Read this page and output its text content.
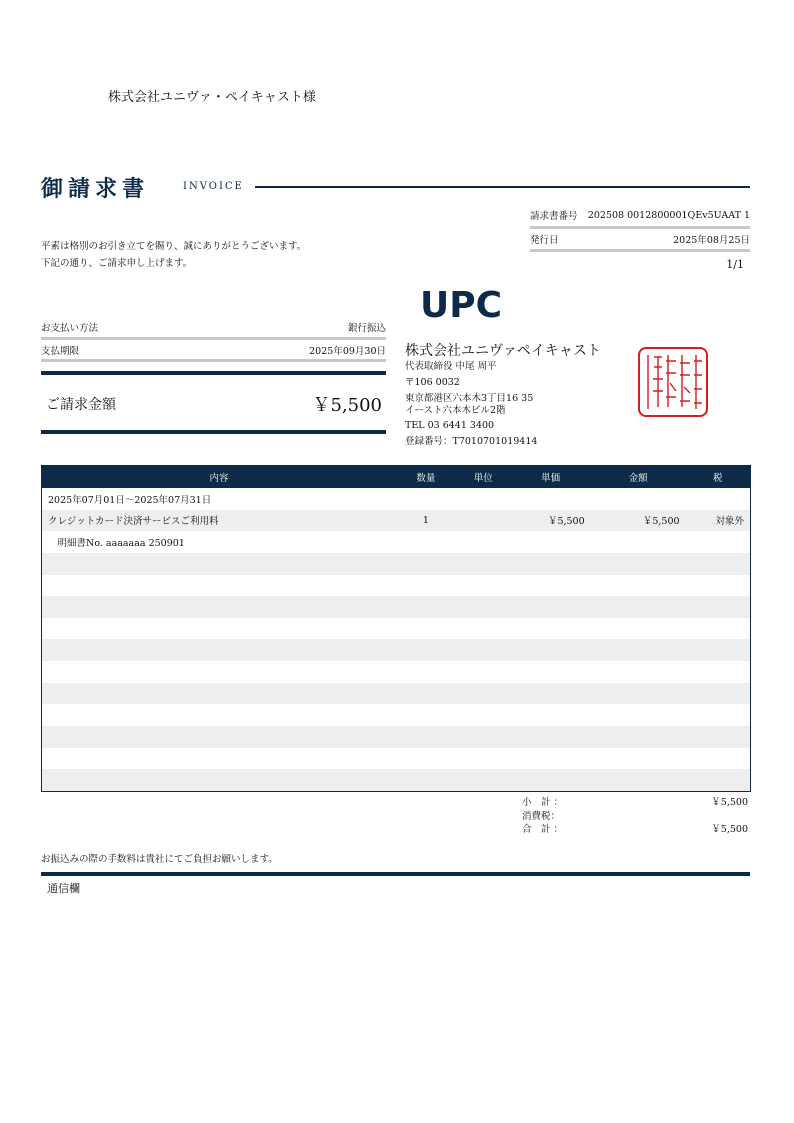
株式会社ユニヴァ・ペイキャスト様
御請求書	INVOICE
請求書番号 202508 0012800001QEv5UAAT 1
発行日	2025年08月25日
平素は格別のお引き立てを賜り、誠にありがとうございます。
下記の通り、ご請求申し上げます。	1/1
UPC
お支払い方法	銀行振込
支払期限	2025年09月30日
ご請求金額	￥5,500
株式会社ユニヴァペイキャスト
代表取締役 中尾 周平
〒106 0032
東京都港区六本木3丁目16 35
イースト六本木ビル2階
TEL 03 6441 3400
登録番号：T7010701019414
内容	数量	単位	単価	金額	税
2025年07月01日～2025年07月31日					
クレジットカード決済サービスご利用料	1		￥5,500	￥5,500	対象外
　明細書No. aaaaaaa 250901					

小　計 ：	￥5,500
消費税：
合　計 ：	￥5,500
お振込みの際の手数料は貴社にてご負担お願いします。
通信欄
